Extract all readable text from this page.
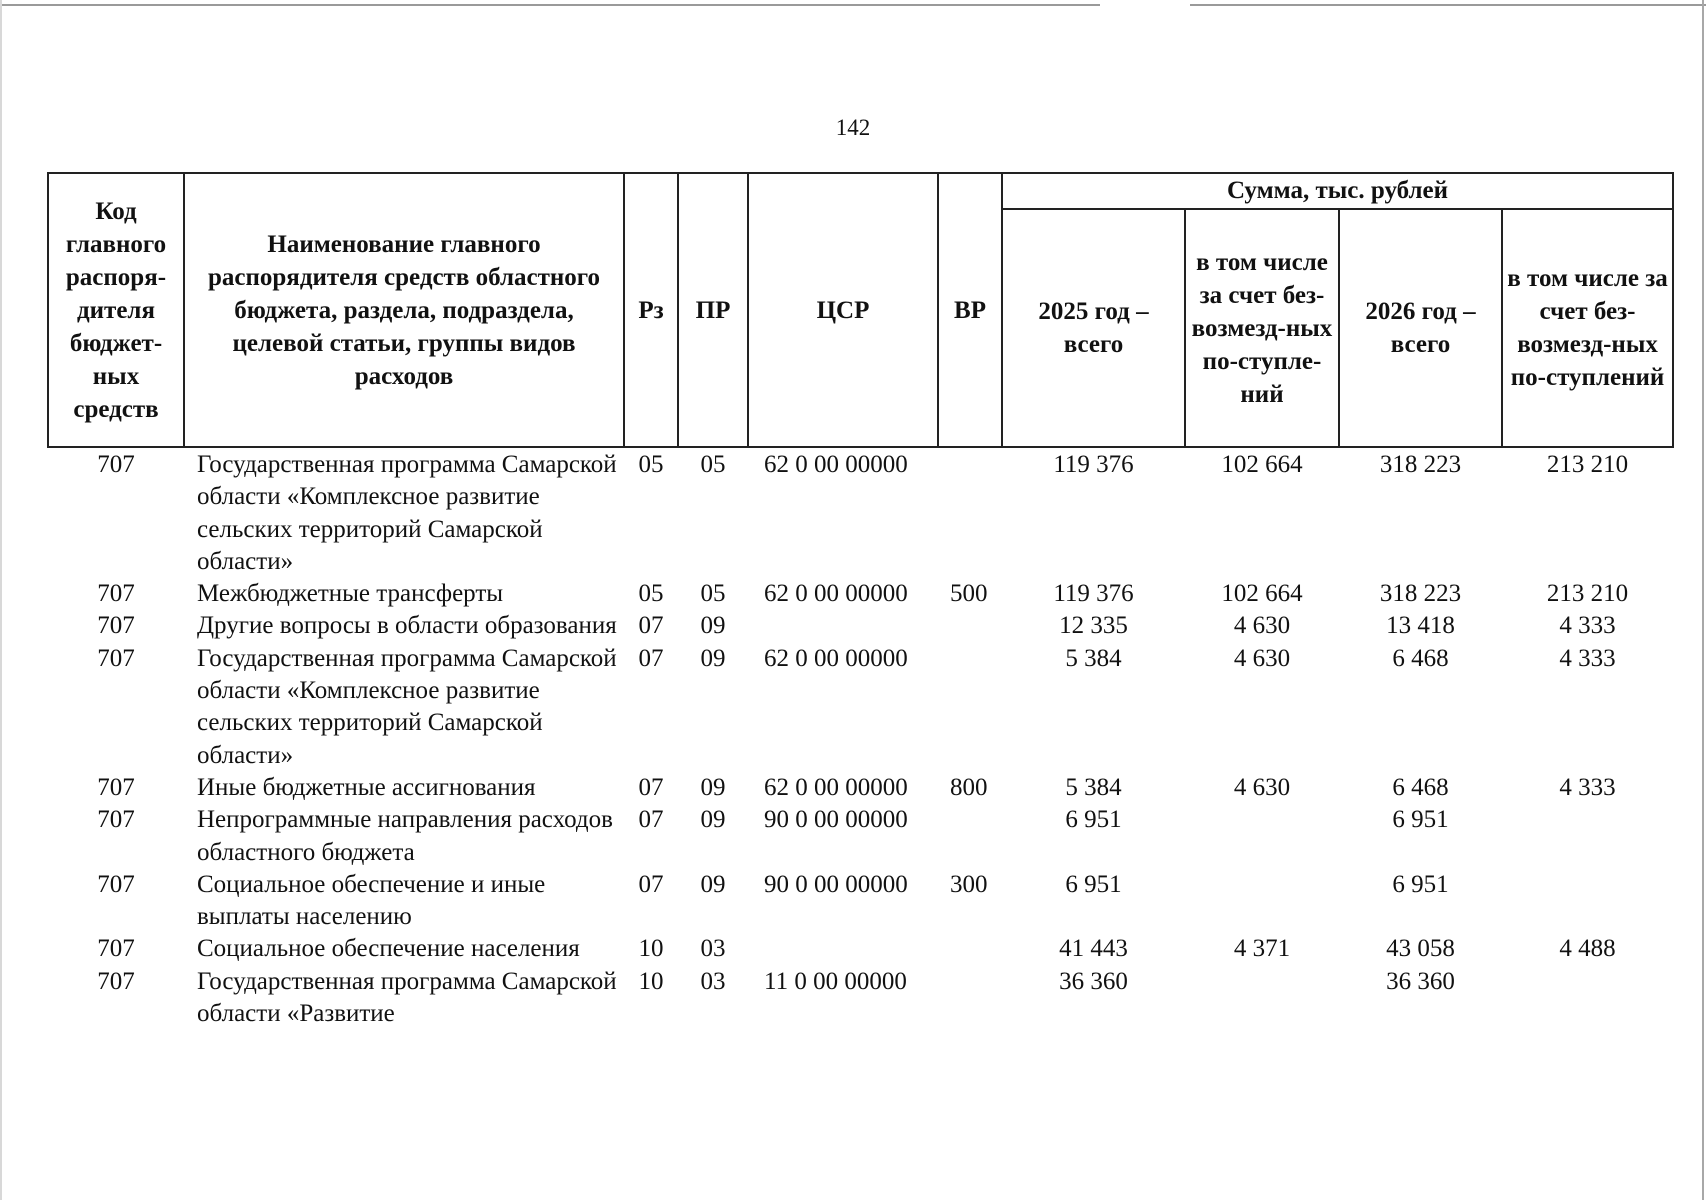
142
Код главного распоря-дителя бюджет-ных средств	Наименование главного распорядителя средств областного бюджета, раздела, подраздела, целевой статьи, группы видов расходов	Рз	ПР	ЦСР	ВР	Сумма, тыс. рублей			
						2025 год – всего	в том числе за счет без-возмезд-ных по-ступле-ний	2026 год – всего	в том числе за счет без-возмезд-ных по-ступлений
707	Государственная программа Самарской области «Комплексное развитие сельских территорий Самарской области»	05	05	62 0 00 00000		119 376	102 664	318 223	213 210
707	Межбюджетные трансферты	05	05	62 0 00 00000	500	119 376	102 664	318 223	213 210
707	Другие вопросы в области образования	07	09			12 335	4 630	13 418	4 333
707	Государственная программа Самарской области «Комплексное развитие сельских территорий Самарской области»	07	09	62 0 00 00000		5 384	4 630	6 468	4 333
707	Иные бюджетные ассигнования	07	09	62 0 00 00000	800	5 384	4 630	6 468	4 333
707	Непрограммные направления расходов областного бюджета	07	09	90 0 00 00000		6 951		6 951	
707	Социальное обеспечение и иные выплаты населению	07	09	90 0 00 00000	300	6 951		6 951	
707	Социальное обеспечение населения	10	03			41 443	4 371	43 058	4 488
707	Государственная программа Самарской области «Развитие	10	03	11 0 00 00000		36 360		36 360	
